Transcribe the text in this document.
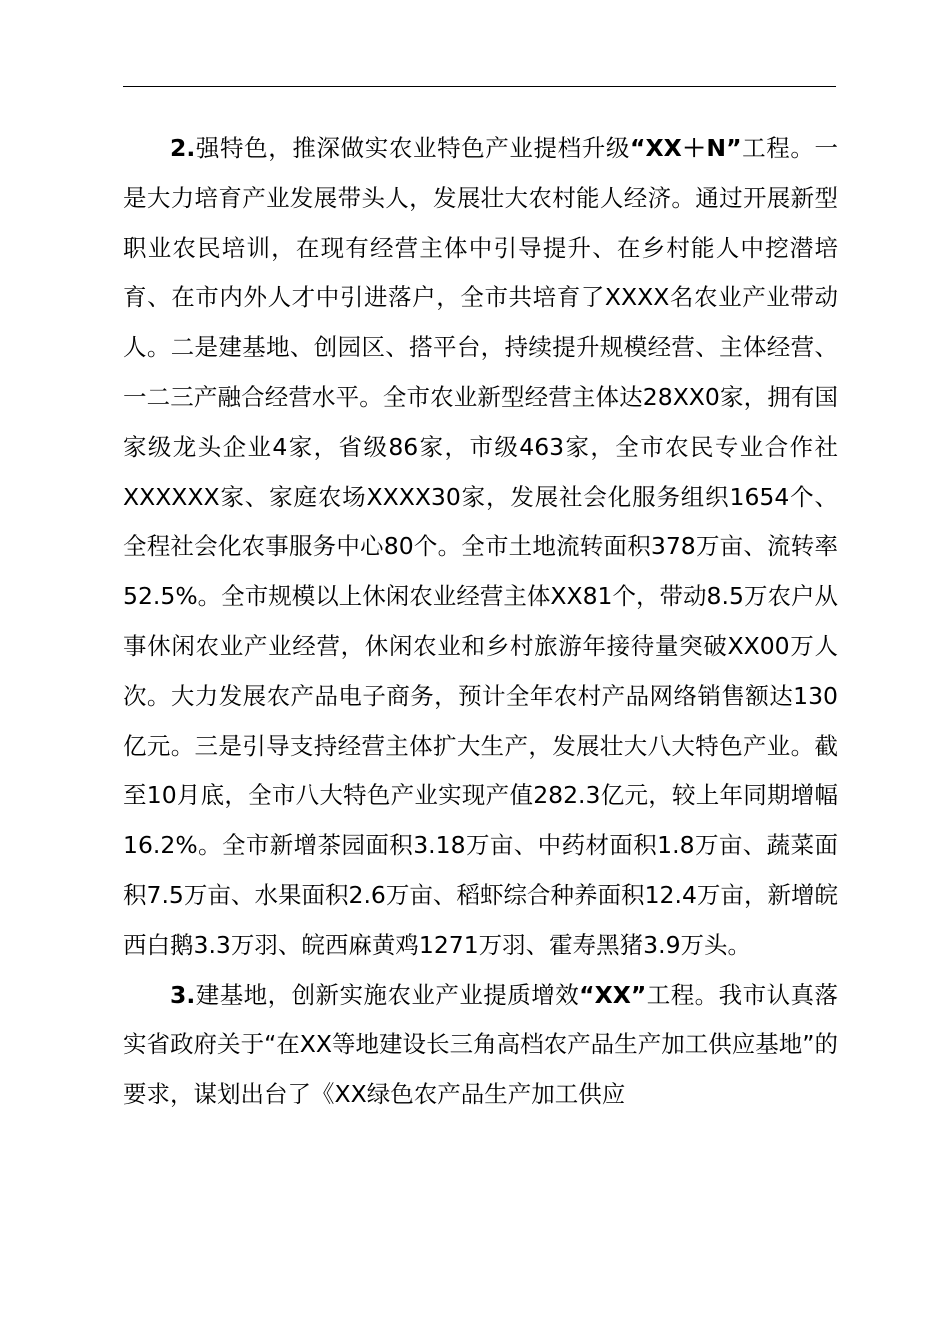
2.强特色，推深做实农业特色产业提档升级“XX＋N”工程。一是大力培育产业发展带头人，发展壮大农村能人经济。通过开展新型职业农民培训，在现有经营主体中引导提升、在乡村能人中挖潜培育、在市内外人才中引进落户，全市共培育了XXXX名农业产业带动人。二是建基地、创园区、搭平台，持续提升规模经营、主体经营、一二三产融合经营水平。全市农业新型经营主体达28XX0家，拥有国家级龙头企业4家，省级86家，市级463家，全市农民专业合作社XXXXXX家、家庭农场XXXX30家，发展社会化服务组织1654个、全程社会化农事服务中心80个。全市土地流转面积378万亩、流转率52.5%。全市规模以上休闲农业经营主体XX81个，带动8.5万农户从事休闲农业产业经营，休闲农业和乡村旅游年接待量突破XX00万人次。大力发展农产品电子商务，预计全年农村产品网络销售额达130亿元。三是引导支持经营主体扩大生产，发展壮大八大特色产业。截至10月底，全市八大特色产业实现产值282.3亿元，较上年同期增幅16.2%。全市新增茶园面积3.18万亩、中药材面积1.8万亩、蔬菜面积7.5万亩、水果面积2.6万亩、稻虾综合种养面积12.4万亩，新增皖西白鹅3.3万羽、皖西麻黄鸡1271万羽、霍寿黑猪3.9万头。

3.建基地，创新实施农业产业提质增效“XX”工程。我市认真落实省政府关于“在XX等地建设长三角高档农产品生产加工供应基地”的要求，谋划出台了《XX绿色农产品生产加工供应
